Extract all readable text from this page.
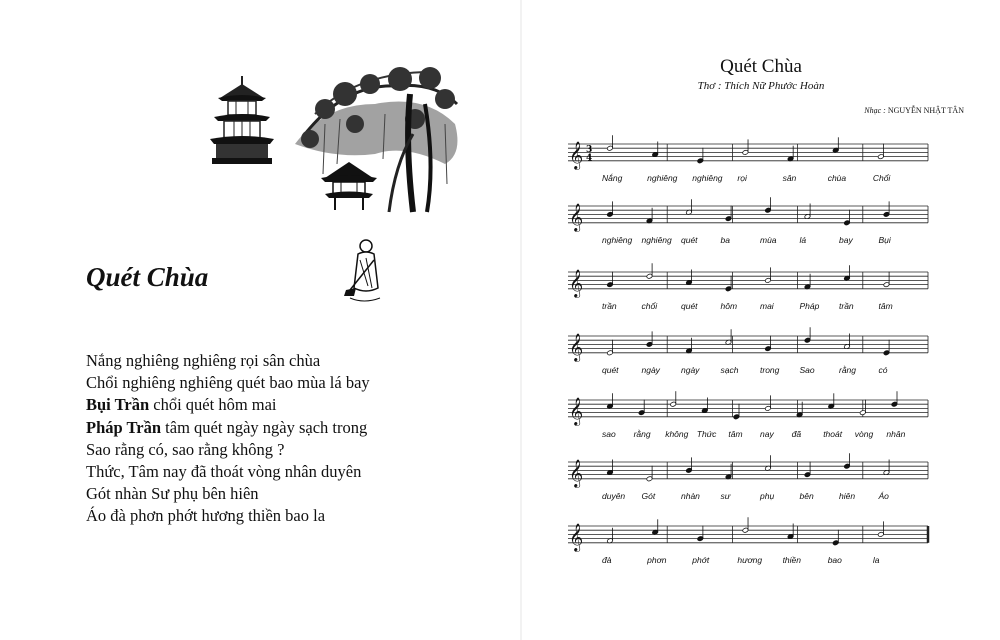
Quét Chùa
Nắng nghiêng nghiêng rọi sân chùa
Chổi nghiêng nghiêng quét bao mùa lá bay
Bụi Trần chổi quét hôm mai
Pháp Trần tâm quét ngày ngày sạch trong
Sao rằng có, sao rằng không ?
Thức, Tâm nay đã thoát vòng nhân duyên
Gót nhàn Sư phụ bên hiên
Áo đà phơn phớt hương thiền bao la
Quét Chùa
Thơ : Thích Nữ Phước Hoàn
Nhạc : NGUYỄN NHẬT TÂN
𝄞 3
4
𝄞
𝄞
𝄞
𝄞
𝄞
𝄞
Nắng	nghiêng nghiêng rọi	sân	chùa	Chổi
nghiêng nghiêng quét	ba	mùa	lá	bay	Bụi
trần	chổi	quét	hôm	mai	Pháp trần	tâm
quét	ngày ngày sạch	trong Sao	rằng	có
sao rằng không Thức tâm nay đã	thoát vòng nhân
duyên Gót	nhàn sư	phụ	bên	hiên	Áo
đà	phơn	phớt	hương thiền	bao	la
